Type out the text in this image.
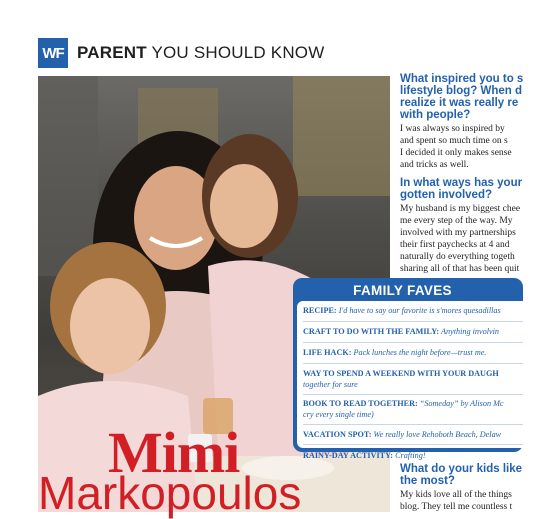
WF PARENT YOU SHOULD KNOW
Mimi
Markopoulos
What inspired you to s
lifestyle blog? When d
realize it was really re
with people?
I was always so inspired by
and spent so much time on s
I decided it only makes sense
and tricks as well.
In what ways has your
gotten involved?
My husband is my biggest chee
me every step of the way. My
involved with my partnerships
their first paychecks at 4 and
naturally do everything togeth
sharing all of that has been quit
What do your kids like
the most?
My kids love all of the things
blog. They tell me countless t
FAMILY FAVES
RECIPE: I'd have to say our favorite is s'mores quesadillas
CRAFT TO DO WITH THE FAMILY: Anything involvin
LIFE HACK: Pack lunches the night before—trust me.
WAY TO SPEND A WEEKEND WITH YOUR DAUGH
together for sure
BOOK TO READ TOGETHER: “Someday” by Alison Mc
cry every single time)
VACATION SPOT: We really love Rehoboth Beach, Delaw
RAINY-DAY ACTIVITY: Crafting!
